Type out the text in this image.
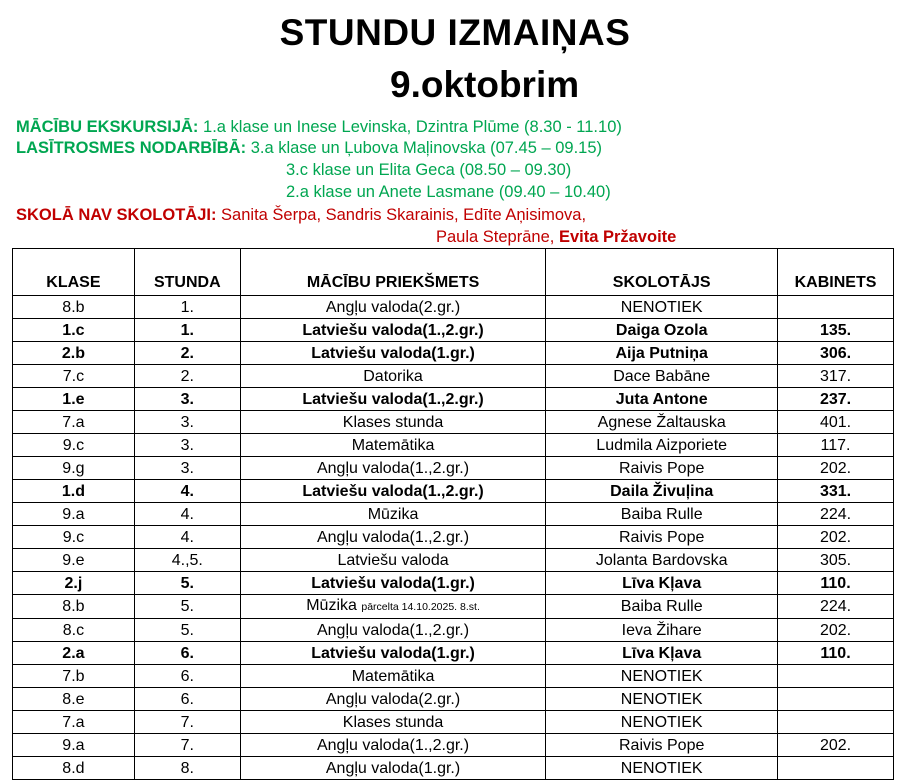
STUNDU IZMAIŅAS
9.oktobrim
MĀCĪBU EKSKURSIJĀ: 1.a klase un Inese Levinska, Dzintra Plūme (8.30 - 11.10)
LASĪTROSMES NODARBĪBĀ: 3.a klase un Ļubova Maļinovska (07.45 – 09.15)
3.c klase un Elita Geca (08.50 – 09.30)
2.a klase un Anete Lasmane (09.40 – 10.40)
SKOLĀ NAV SKOLOTĀJI: Sanita Šerpa, Sandris Skarainis, Edīte Aņisimova,
Paula Steprāne, Evita Pržavoite
KLASE	STUNDA	MĀCĪBU PRIEKŠMETS	SKOLOTĀJS	KABINETS
8.b	1.	Angļu valoda(2.gr.)	NENOTIEK	
1.c	1.	Latviešu valoda(1.,2.gr.)	Daiga Ozola	135.
2.b	2.	Latviešu valoda(1.gr.)	Aija Putniņa	306.
7.c	2.	Datorika	Dace Babāne	317.
1.e	3.	Latviešu valoda(1.,2.gr.)	Juta Antone	237.
7.a	3.	Klases stunda	Agnese Žaltauska	401.
9.c	3.	Matemātika	Ludmila Aizporiete	117.
9.g	3.	Angļu valoda(1.,2.gr.)	Raivis Pope	202.
1.d	4.	Latviešu valoda(1.,2.gr.)	Daila Živuļina	331.
9.a	4.	Mūzika	Baiba Rulle	224.
9.c	4.	Angļu valoda(1.,2.gr.)	Raivis Pope	202.
9.e	4.,5.	Latviešu valoda	Jolanta Bardovska	305.
2.j	5.	Latviešu valoda(1.gr.)	Līva Kļava	110.
8.b	5.	Mūzika pārcelta 14.10.2025. 8.st.	Baiba Rulle	224.
8.c	5.	Angļu valoda(1.,2.gr.)	Ieva Žihare	202.
2.a	6.	Latviešu valoda(1.gr.)	Līva Kļava	110.
7.b	6.	Matemātika	NENOTIEK	
8.e	6.	Angļu valoda(2.gr.)	NENOTIEK	
7.a	7.	Klases stunda	NENOTIEK	
9.a	7.	Angļu valoda(1.,2.gr.)	Raivis Pope	202.
8.d	8.	Angļu valoda(1.gr.)	NENOTIEK	
